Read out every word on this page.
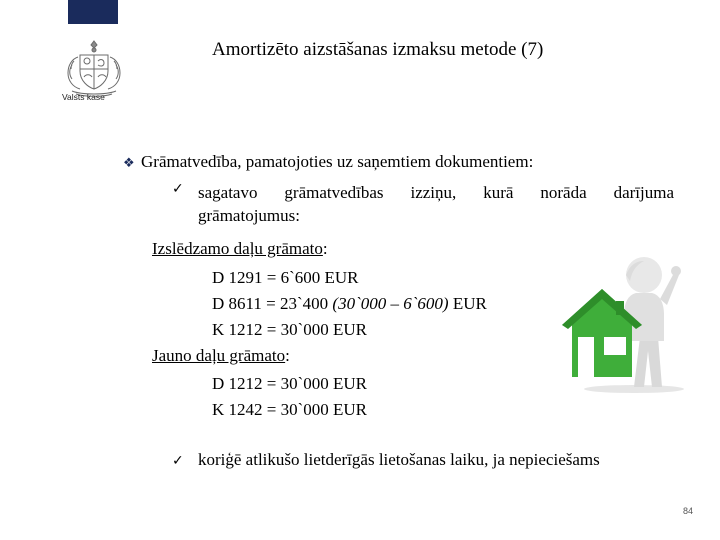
Valsts kase
Amortizēto aizstāšanas izmaksu metode (7)
❖ Grāmatvedība, pamatojoties uz saņemtiem dokumentiem:
✓ sagatavo grāmatvedības izziņu, kurā norāda darījuma
grāmatojumus:
Izslēdzamo daļu grāmato:
D 1291 = 6`600 EUR
D 8611 = 23`400 (30`000 – 6`600) EUR
K 1212 = 30`000 EUR
Jauno daļu grāmato:
D 1212 = 30`000 EUR
K 1242 = 30`000 EUR
✓ koriģē atlikušo lietderīgās lietošanas laiku, ja nepieciešams
84
